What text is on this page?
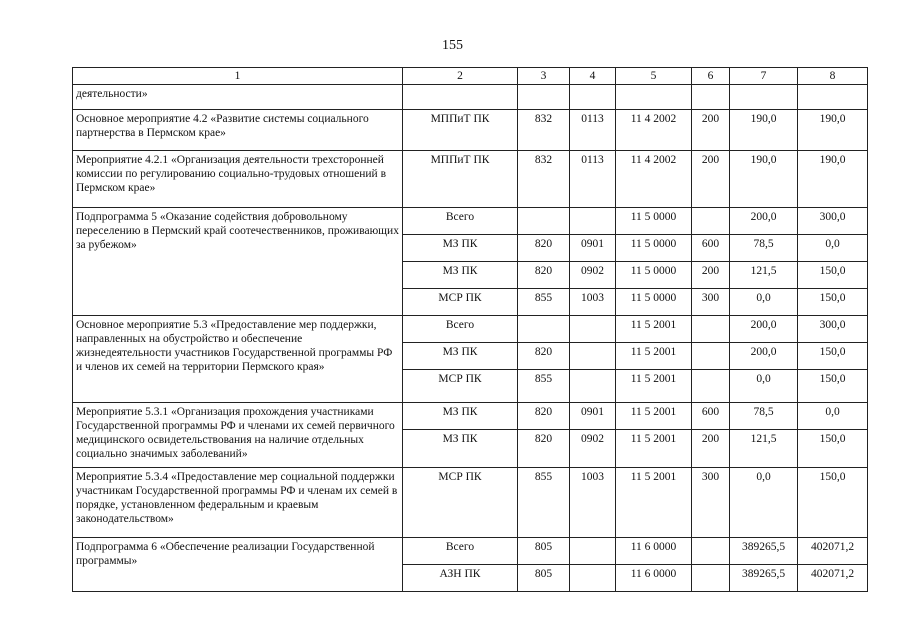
155
1	2	3	4	5	6	7	8
деятельности»							
Основное мероприятие 4.2 «Развитие системы социального партнерства в Пермском крае»	МППиТ ПК	832	0113	11 4 2002	200	190,0	190,0
Мероприятие 4.2.1 «Организация деятельности трехсторонней комиссии по регулированию социально-трудовых отношений в Пермском крае»	МППиТ ПК	832	0113	11 4 2002	200	190,0	190,0
Подпрограмма 5 «Оказание содействия добровольному переселению в Пермский край соотечественников, проживающих за рубежом»	Всего			11 5 0000		200,0	300,0
	МЗ ПК	820	0901	11 5 0000	600	78,5	0,0
	МЗ ПК	820	0902	11 5 0000	200	121,5	150,0
	МСР ПК	855	1003	11 5 0000	300	0,0	150,0
Основное мероприятие 5.3 «Предоставление мер поддержки, направленных на обустройство и обеспечение жизнедеятельности участников Государственной программы РФ и членов их семей на территории Пермского края»	Всего			11 5 2001		200,0	300,0
	МЗ ПК	820		11 5 2001		200,0	150,0
	МСР ПК	855		11 5 2001		0,0	150,0
Мероприятие 5.3.1 «Организация прохождения участниками Государственной программы РФ и членами их семей первичного медицинского освидетельствования на наличие отдельных социально значимых заболеваний»	МЗ ПК	820	0901	11 5 2001	600	78,5	0,0
	МЗ ПК	820	0902	11 5 2001	200	121,5	150,0
Мероприятие 5.3.4 «Предоставление мер социальной поддержки участникам Государственной программы РФ и членам их семей в порядке, установленном федеральным и краевым законодательством»	МСР ПК	855	1003	11 5 2001	300	0,0	150,0
Подпрограмма 6 «Обеспечение реализации Государственной программы»	Всего	805		11 6 0000		389265,5	402071,2
	АЗН ПК	805		11 6 0000		389265,5	402071,2
